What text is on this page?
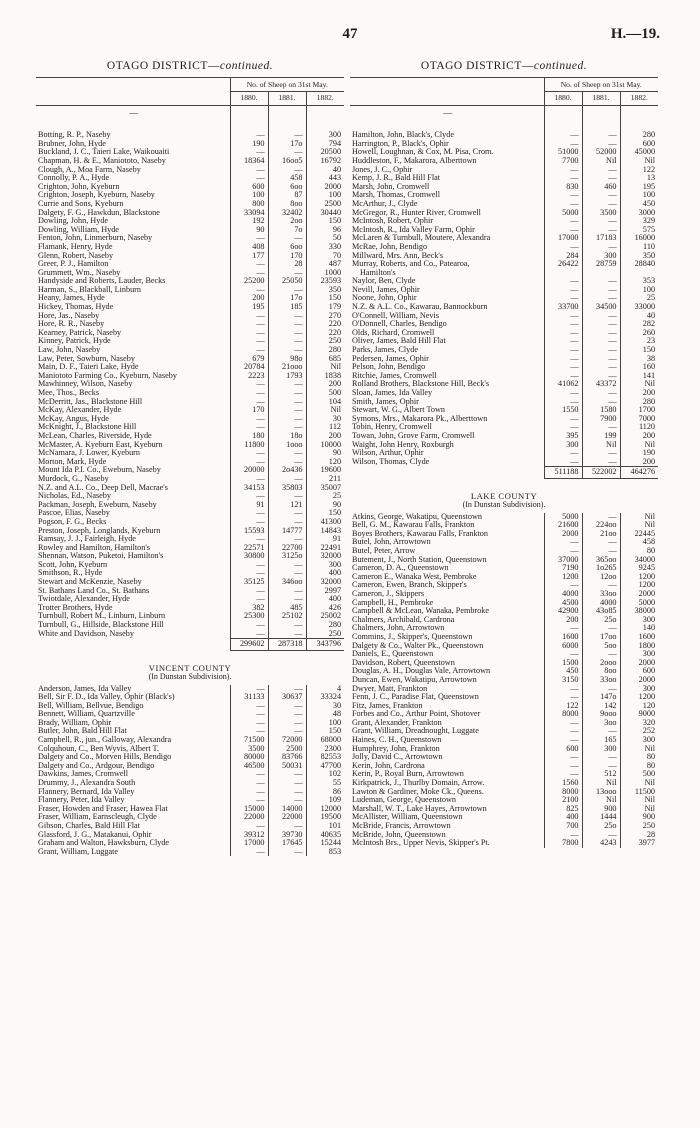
47	H.—19.
OTAGO DISTRICT—continued.
	No. of Sheep on 31st May.		
	1880.	1881.	1882.
—			

Botting, R. P., Naseby	—	—	300
Brubner, John, Hyde	190	17o	794
Buckland, J. C., Taieri Lake, Waikouaiti	—	—	20500
Chapman, H. & E., Maniototo, Naseby	18364	16oo5	16792
Clough, A., Moa Farm, Naseby	—	—	40
Connolly, P. A., Hyde	—	458	443
Crighton, John, Kyeburn	600	6oo	2000
Crighton, Joseph, Kyeburn, Naseby	100	87	100
Currie and Sons, Kyeburn	800	8oo	2500
Dalgety, F. G., Hawkdun, Blackstone	33094	32402	30440
Dowling, John, Hyde	192	2oo	150
Dowling, William, Hyde	90	7o	96
Fenton, John, Linmerburn, Naseby	—	—	50
Flamank, Henry, Hyde	408	6oo	330
Glenn, Robert, Naseby	177	170	70
Greer, P. J., Hamilton	—	28	487
Grummett, Wm., Naseby	—	—	1000
Handyside and Roberts, Lauder, Becks	25200	25050	23593
Harman, S., Blackball, Linburn	—	—	350
Heany, James, Hyde	200	17o	150
Hickey, Thomas, Hyde	195	185	179
Hore, Jas., Naseby	—	—	270
Hore, R. R., Naseby	—	—	220
Kearney, Patrick, Naseby	—	—	220
Kinney, Patrick, Hyde	—	—	250
Law, John, Naseby	—	—	280
Law, Peter, Sowburn, Naseby	679	98o	685
Main, D. F., Taieri Lake, Hyde	20784	21ooo	Nil
Maniototo Farming Co., Kyeburn, Naseby	2223	1793	1838
Mawhinney, Wilson, Naseby	—	—	200
Mee, Thos., Becks	—	—	500
McDerritt, Jas., Blackstone Hill	—	—	104
McKay, Alexander, Hyde	170	—	Nil
McKay, Angus, Hyde	—	—	30
McKnight, J., Blackstone Hill	—	—	112
McLean, Charles, Riverside, Hyde	180	18o	200
McMaster, A. Kyeburn East, Kyeburn	11800	1ooo	10000
McNamara, J. Lower, Kyeburn	—	—	90
Morton, Mark, Hyde	—	—	120
Mount Ida P.I. Co., Eweburn, Naseby	20000	2o436	19600
Murdock, G., Naseby	—	—	211
N.Z. and A.L. Co., Deep Dell, Macrae's	34153	35803	35007
Nicholas, Ed., Naseby	—	—	25
Packman, Joseph, Eweburn, Naseby	91	121	90
Pascoe, Elias, Naseby	—	—	150
Pogson, F. G., Becks	—	—	41300
Preston, Joseph, Longlands, Kyeburn	15593	14777	14843
Ramsay, J. J., Fairleigh, Hyde	—	—	91
Rowley and Hamilton, Hamilton's	22571	22700	22491
Shennan, Watson, Puketoi, Hamilton's	30800	3125o	32000
Scott, John, Kyeburn	—	—	300
Smithson, R., Hyde	—	—	400
Stewart and McKenzie, Naseby	35125	346oo	32000
St. Bathans Land Co., St. Bathans	—	—	2997
Twiotdale, Alexander, Hyde	—	—	400
Trotter Brothers, Hyde	382	485	426
Turnbull, Robert M., Linburn, Linburn	25300	25102	25002
Turnbull, G., Hillside, Blackstone Hill	—	—	280
White and Davidson, Naseby	—	—	250
	299602	287318	343796

VINCENT COUNTY			
(In Dunstan Subdivision).			

Anderson, James, Ida Valley	—	—	4
Bell, Sir F. D., Ida Valley, Ophir (Black's)	31133	30637	33324
Bell, William, Bellvue, Bendigo	—	—	30
Bennett, William, Quartzville	—	—	48
Brady, William, Ophir	—	—	100
Butler, John, Bald Hill Flat	—	—	150
Campbell, R., jun., Galloway, Alexandra	71500	72000	68000
Colquhoun, C., Ben Wyvis, Albert T.	3500	2500	2300
Dalgety and Co., Morven Hills, Bendigo	80000	83766	82553
Dalgety and Co., Ardgour, Bendigo	46500	50031	47700
Dawkins, James, Cromwell	—	—	102
Drummy, J., Alexandra South	—	—	55
Flannery, Bernard, Ida Valley	—	—	86
Flannery, Peter, Ida Valley	—	—	109
Fraser, Howden and Fraser, Hawea Flat	15000	14000	12000
Fraser, William, Earnscleugh, Clyde	22000	22000	19500
Gibson, Charles, Bald Hill Flat	—	—	101
Glassford, J. G., Matakanui, Ophir	39312	39730	40635
Graham and Walton, Hawksburn, Clyde	17000	17645	15244
Grant, William, Luggate	—	—	853
OTAGO DISTRICT—continued.
	No. of Sheep on 31st May.		
	1880.	1881.	1882.
—			

Hamilton, John, Black's, Clyde	—	—	280
Harrington, P., Black's, Ophir	—	—	600
Howell, Loughnan, & Cox, M. Pisa, Crom.	51000	52000	45000
Huddleston, F., Makarora, Alberttown	7700	Nil	Nil
Jones, J. C., Ophir	—	—	122
Kemp, J. R., Bald Hill Flat	—	—	13
Marsh, John, Cromwell	830	460	195
Marsh, Thomas, Cromwell	—	—	100
McArthur, J., Clyde	—	—	450
McGregor, R., Hunter River, Cromwell	5000	3500	3000
McIntosh, Robert, Ophir	—	—	329
McIntosh, R., Ida Valley Farm, Ophir	—	—	575
McLaren & Turnbull, Moutere, Alexandra	17000	17183	16000
McRae, John, Bendigo	—	—	110
Millward, Mrs. Ann, Beck's	284	300	350
Murray, Roberts, and Co., Patearoa,	26422	28759	28840
Hamilton's			
Naylor, Ben, Clyde	—	—	353
Nevill, James, Ophir	—	—	100
Noone, John, Ophir	—	—	25
N.Z. & A.L. Co., Kawarau, Bannockburn	33700	34500	33000
O'Connell, William, Nevis	—	—	40
O'Donnell, Charles, Bendigo	—	—	282
Olds, Richard, Cromwell	—	—	260
Oliver, James, Bald Hill Flat	—	—	23
Parks, James, Clyde	—	—	150
Pedersen, James, Ophir	—	—	38
Pelson, John, Bendigo	—	—	160
Ritchie, James, Cromwell	—	—	141
Rolland Brothers, Blackstone Hill, Beck's	41062	43372	Nil
Sloan, James, Ida Valley	—	—	200
Smith, James, Ophir	—	—	280
Stewart, W. G., Albert Town	1550	1580	1700
Symons, Mrs., Makarora Pk., Alberttown	—	7900	7000
Tobin, Henry, Cromwell	—	—	1120
Towan, John, Grove Farm, Cromwell	395	199	200
Waight, John Henry, Roxburgh	300	Nil	Nil
Wilson, Arthur, Ophir	—	—	190
Wilson, Thomas, Clyde	—	—	200
	511188	522002	464276

LAKE COUNTY			
(In Dunstan Subdivision).			

Atkins, George, Wakatipu, Queenstown	5000	—	Nil
Bell, G. M., Kawarau Falls, Frankton	21600	224oo	Nil
Boyes Brothers, Kawarau Falls, Frankton	2000	21oo	22445
Butel, John, Arrowtown	—	—	458
Butel, Peter, Arrow	—	—	80
Butement, J., North Station, Queenstown	37000	365oo	34000
Cameron, D. A., Queenstown	7190	1o265	9245
Cameron E., Wanaka West, Pembroke	1200	12oo	1200
Cameron, Ewen, Branch, Skipper's	—	—	1200
Cameron, J., Skippers	4000	33oo	2000
Campbell, H., Pembroke	4500	4000	5000
Campbell & McLean, Wanaka, Pembroke	42900	43o85	38000
Chalmers, Archibald, Cardrona	200	25o	300
Chalmers, John, Arrowtown	—	—	140
Commins, J., Skipper's, Queenstown	1600	17oo	1600
Dalgety & Co., Walter Pk., Queenstown	6000	5oo	1800
Daniels, E., Queenstown	—	—	300
Davidson, Robert, Queenstown	1500	2ooo	2000
Douglas, A. H., Douglas Vale, Arrowtown	450	8oo	600
Duncan, Ewen, Wakatipu, Arrowtown	3150	33oo	2000
Dwyer, Matt, Frankton	—	—	300
Fenn, J. C., Paradise Flat, Queenstown	—	147o	1200
Fitz, James, Frankton	122	142	120
Forbes and Co., Arthur Point, Shotover	8000	9ooo	9000
Grant, Alexander, Frankton	—	3oo	320
Grant, William, Dreadnought, Luggate	—	—	252
Haines, C. H., Queenstown	—	165	300
Humphrey, John, Frankton	600	300	Nil
Jolly, David C., Arrowtown	—	—	80
Kerin, John, Cardrona	—	—	80
Kerin, P., Royal Burn, Arrowtown	—	512	500
Kirkpatrick, J., Thurlby Domain, Arrow.	1560	Nil	Nil
Lawton & Gardiner, Moke Ck., Queens.	8000	13ooo	11500
Ludeman, George, Queenstown	2100	Nil	Nil
Marshall, W. T., Lake Hayes, Arrowtown	825	900	Nil
McAllister, William, Queenstown	400	1444	900
McBride, Francis, Arrowtown	700	25o	250
McBride, John, Queenstown	—	—	28
McIntosh Brs., Upper Nevis, Skipper's Pt.	7800	4243	3977
